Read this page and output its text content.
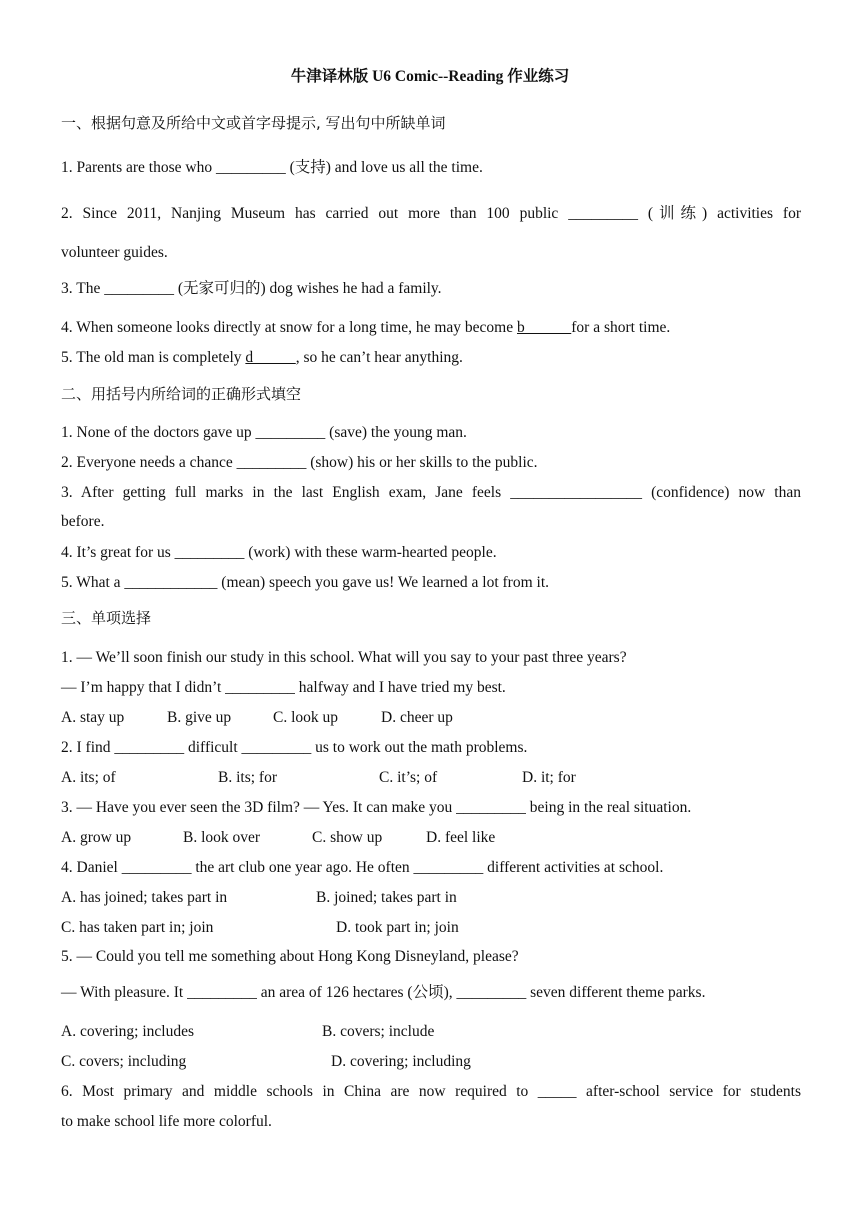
牛津译林版 U6 Comic--Reading 作业练习
一、根据句意及所给中文或首字母提示, 写出句中所缺单词
1. Parents are those who _________ (支持) and love us all the time.
2. Since 2011, Nanjing Museum has carried out more than 100 public _________ (训练) activities for
volunteer guides.
3. The _________ (无家可归的) dog wishes he had a family.
4. When someone looks directly at snow for a long time, he may become b            for a short time.
5. The old man is completely d           , so he can’t hear anything.
二、用括号内所给词的正确形式填空
1. None of the doctors gave up _________ (save) the young man.
2. Everyone needs a chance _________ (show) his or her skills to the public.
3. After getting full marks in the last English exam, Jane feels _________________ (confidence) now than
before.
4. It’s great for us _________ (work) with these warm-hearted people.
5. What a ____________ (mean) speech you gave us! We learned a lot from it.
三、单项选择
1. — We’ll soon finish our study in this school. What will you say to your past three years?
— I’m happy that I didn’t _________ halfway and I have tried my best.
A. stay up	B. give up	C. look up	D. cheer up
2. I find _________ difficult _________ us to work out the math problems.
A. its; of	B. its; for	C. it’s; of	D. it; for
3. — Have you ever seen the 3D film? — Yes. It can make you _________ being in the real situation.
A. grow up	B. look over	C. show up	D. feel like
4. Daniel _________ the art club one year ago. He often _________ different activities at school.
A. has joined; takes part in	B. joined; takes part in
C. has taken part in; join	D. took part in; join
5. — Could you tell me something about Hong Kong Disneyland, please?
— With pleasure. It _________ an area of 126 hectares (公顷), _________ seven different theme parks.
A. covering; includes	B. covers; include
C. covers; including	D. covering; including
6. Most primary and middle schools in China are now required to _____ after-school service for students
to make school life more colorful.
